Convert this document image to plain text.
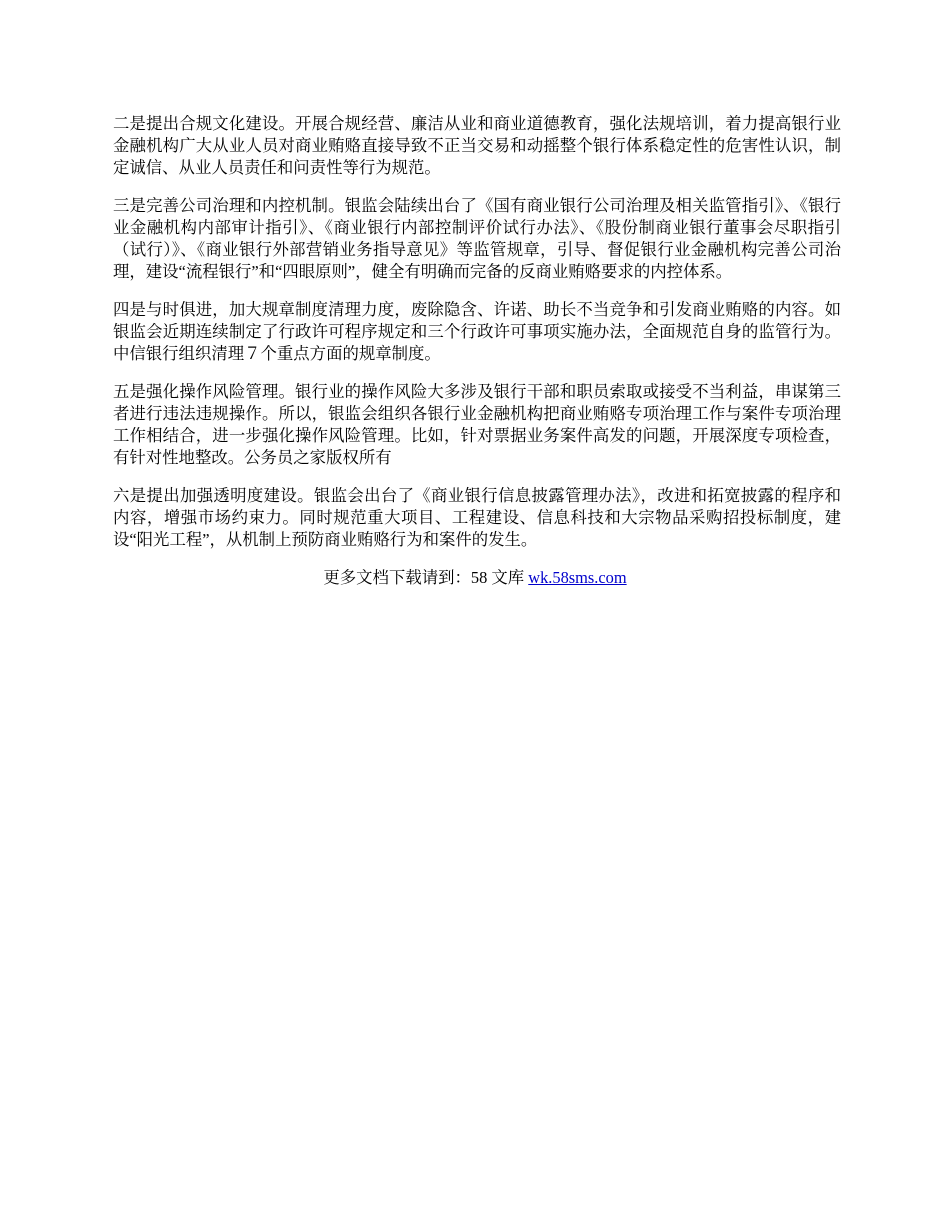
二是提出合规文化建设。开展合规经营、廉洁从业和商业道德教育，强化法规培训，着力提高银行业金融机构广大从业人员对商业贿赂直接导致不正当交易和动摇整个银行体系稳定性的危害性认识，制定诚信、从业人员责任和问责性等行为规范。

三是完善公司治理和内控机制。银监会陆续出台了《国有商业银行公司治理及相关监管指引》、《银行业金融机构内部审计指引》、《商业银行内部控制评价试行办法》、《股份制商业银行董事会尽职指引（试行）》、《商业银行外部营销业务指导意见》等监管规章，引导、督促银行业金融机构完善公司治理，建设“流程银行”和“四眼原则”，健全有明确而完备的反商业贿赂要求的内控体系。

四是与时俱进，加大规章制度清理力度，废除隐含、许诺、助长不当竞争和引发商业贿赂的内容。如银监会近期连续制定了行政许可程序规定和三个行政许可事项实施办法，全面规范自身的监管行为。中信银行组织清理７个重点方面的规章制度。

五是强化操作风险管理。银行业的操作风险大多涉及银行干部和职员索取或接受不当利益，串谋第三者进行违法违规操作。所以，银监会组织各银行业金融机构把商业贿赂专项治理工作与案件专项治理工作相结合，进一步强化操作风险管理。比如，针对票据业务案件高发的问题，开展深度专项检查，有针对性地整改。公务员之家版权所有

六是提出加强透明度建设。银监会出台了《商业银行信息披露管理办法》，改进和拓宽披露的程序和内容，增强市场约束力。同时规范重大项目、工程建设、信息科技和大宗物品采购招投标制度，建设“阳光工程”，从机制上预防商业贿赂行为和案件的发生。

更多文档下载请到：58 文库 wk.58sms.com
